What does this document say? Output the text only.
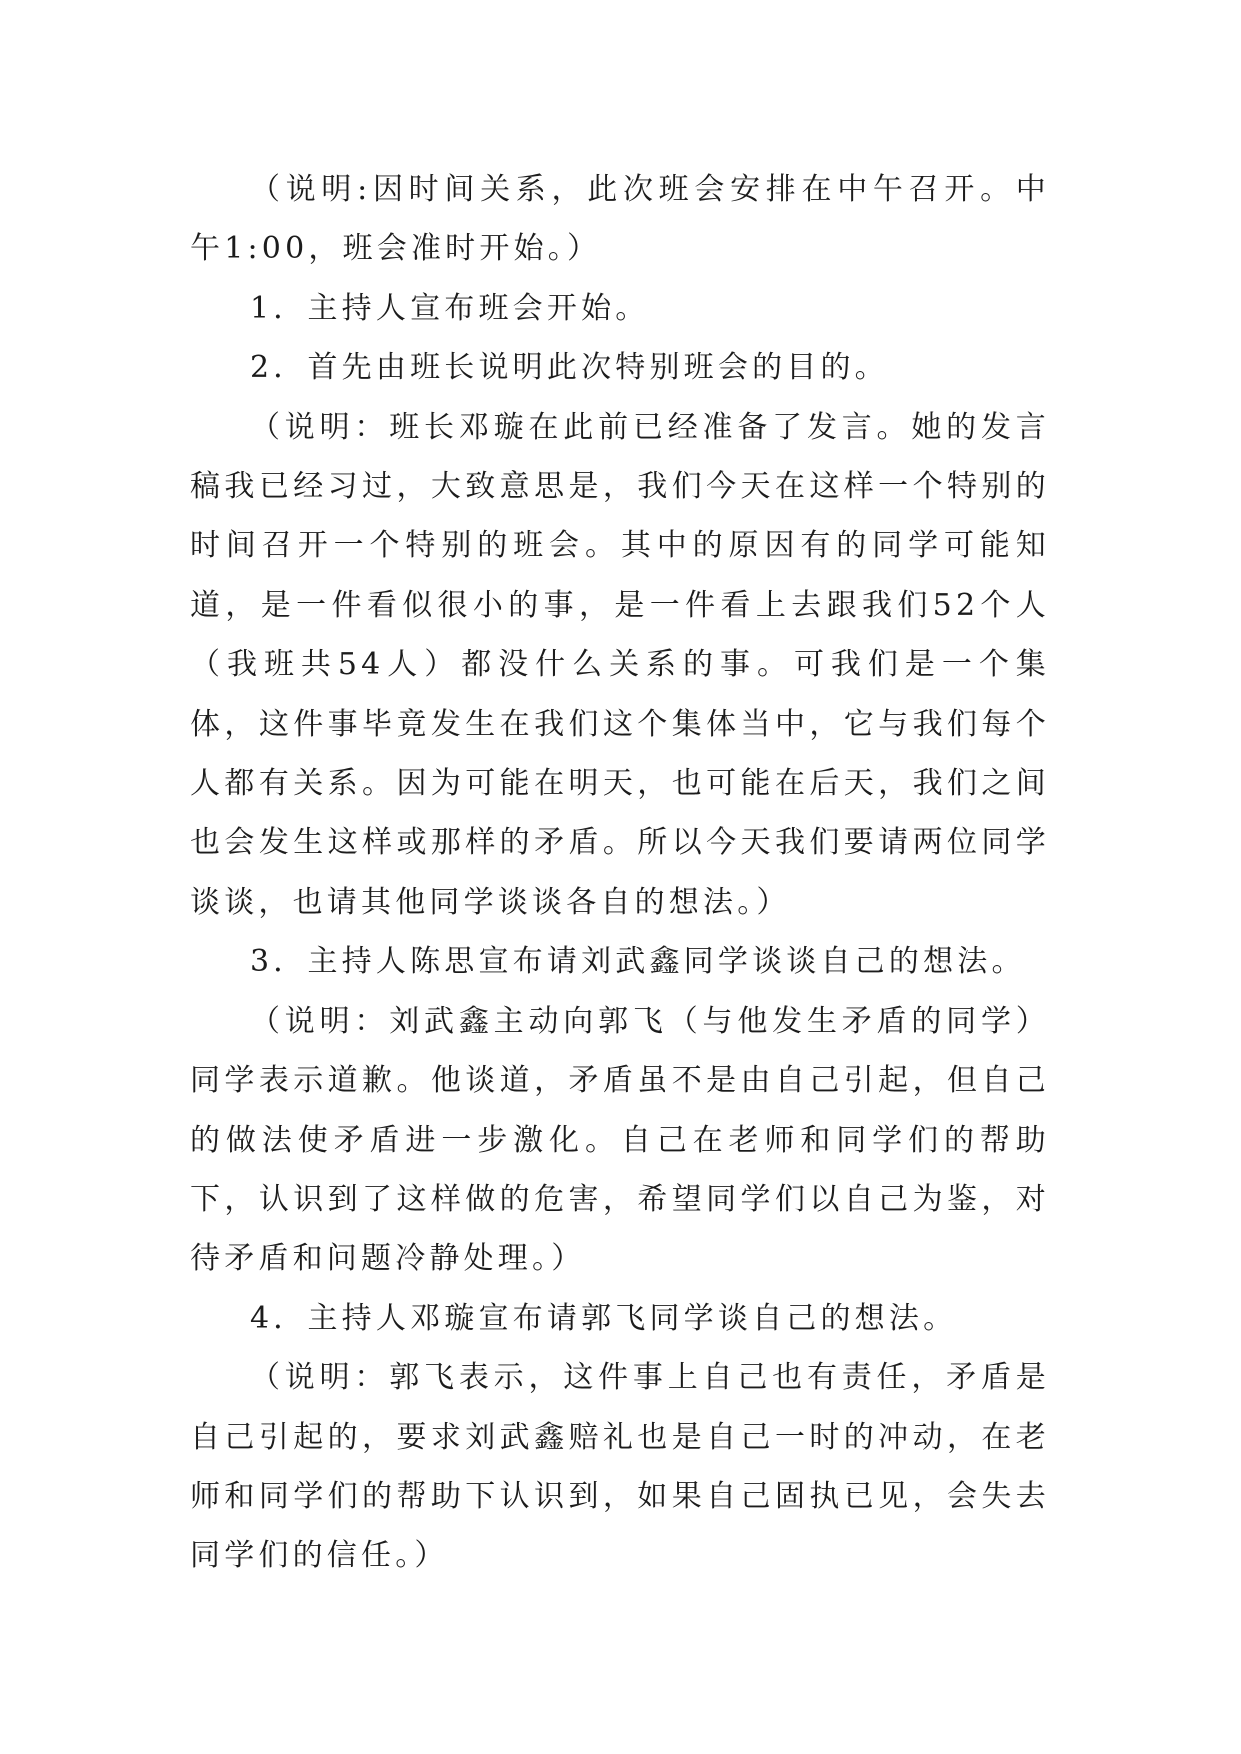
（说明:因时间关系，此次班会安排在中午召开。中午1:00，班会准时开始。）

1．主持人宣布班会开始。

2．首先由班长说明此次特别班会的目的。

（说明：班长邓璇在此前已经准备了发言。她的发言稿我已经习过，大致意思是，我们今天在这样一个特别的时间召开一个特别的班会。其中的原因有的同学可能知道，是一件看似很小的事，是一件看上去跟我们52个人（我班共54人）都没什么关系的事。可我们是一个集体，这件事毕竟发生在我们这个集体当中，它与我们每个人都有关系。因为可能在明天，也可能在后天，我们之间也会发生这样或那样的矛盾。所以今天我们要请两位同学谈谈，也请其他同学谈谈各自的想法。）

3．主持人陈思宣布请刘武鑫同学谈谈自己的想法。

（说明：刘武鑫主动向郭飞（与他发生矛盾的同学）同学表示道歉。他谈道，矛盾虽不是由自己引起，但自己的做法使矛盾进一步激化。自己在老师和同学们的帮助下，认识到了这样做的危害，希望同学们以自己为鉴，对待矛盾和问题冷静处理。）

4．主持人邓璇宣布请郭飞同学谈自己的想法。

（说明：郭飞表示，这件事上自己也有责任，矛盾是自己引起的，要求刘武鑫赔礼也是自己一时的冲动，在老师和同学们的帮助下认识到，如果自己固执已见，会失去同学们的信任。）
